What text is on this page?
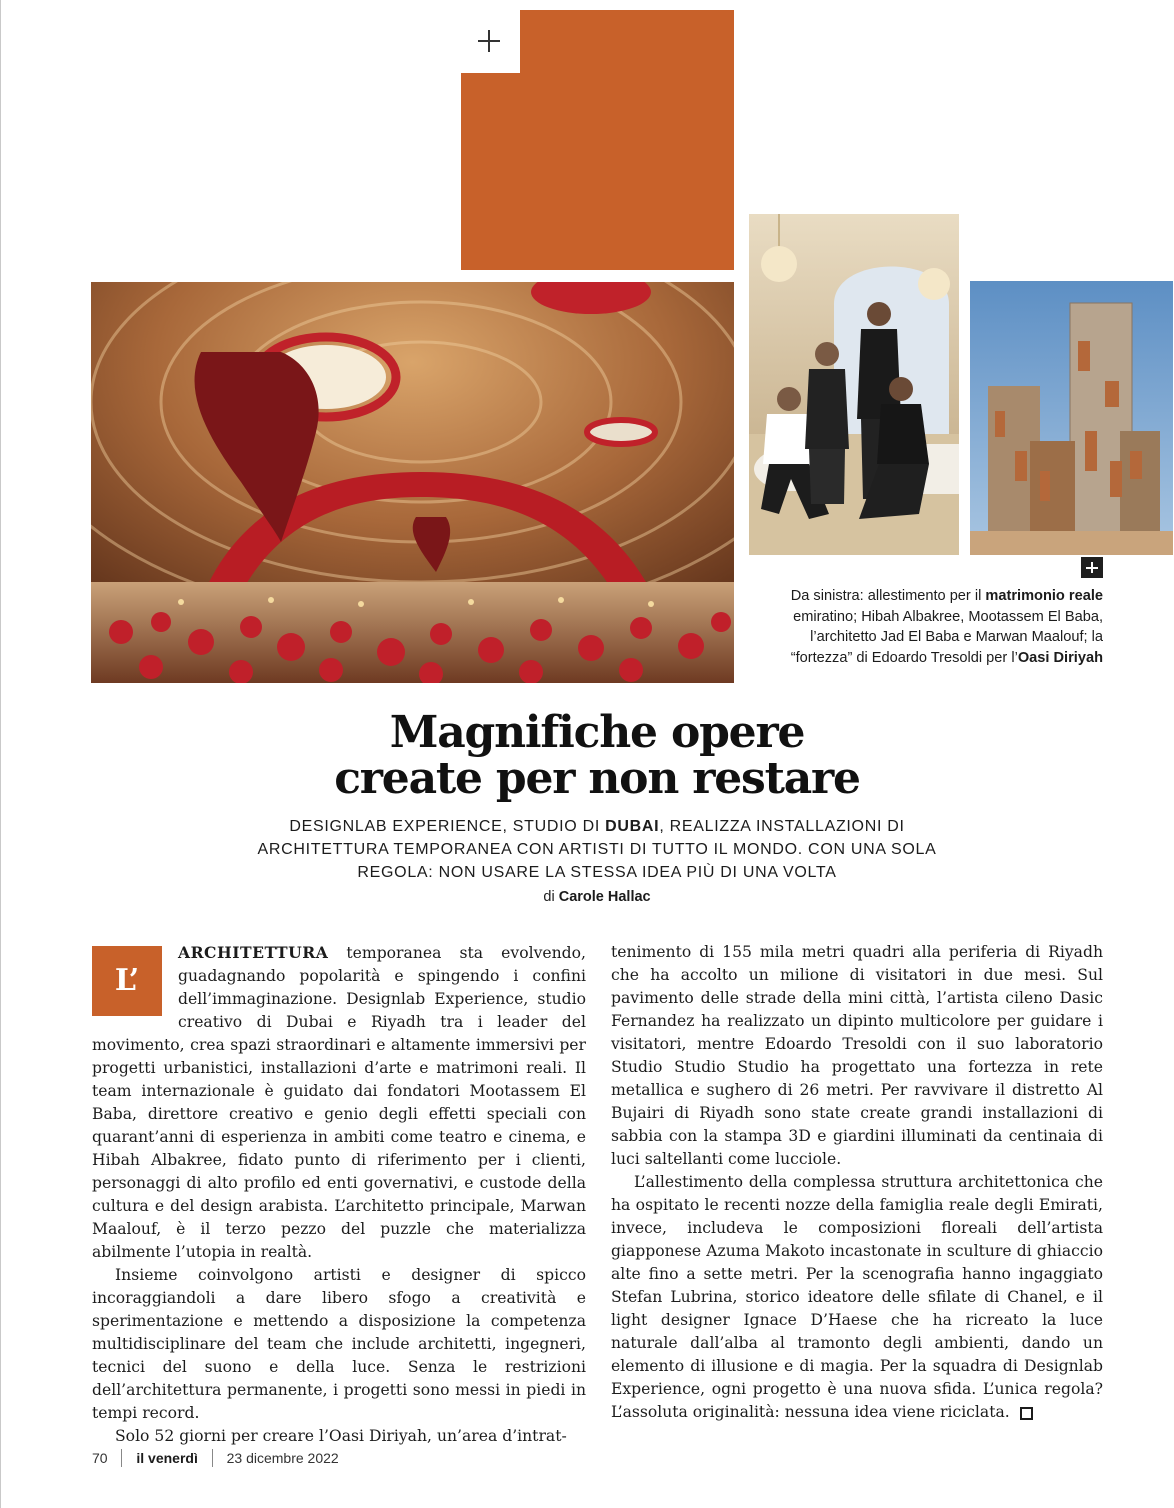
DOLCEVITA
VIAGGI
CIBO
MODA
SPORT
Da sinistra: allestimento per il matrimonio reale emiratino; Hibah Albakree, Mootassem El Baba, l’architetto Jad El Baba e Marwan Maalouf; la “fortezza” di Edoardo Tresoldi per l’Oasi Diriyah
Magnifiche opere
create per non restare
DESIGNLAB EXPERIENCE, STUDIO DI DUBAI, REALIZZA INSTALLAZIONI DI ARCHITETTURA TEMPORANEA CON ARTISTI DI TUTTO IL MONDO. CON UNA SOLA REGOLA: NON USARE LA STESSA IDEA PIÙ DI UNA VOLTA
di Carole Hallac

L’
ARCHITETTURA temporanea sta evolvendo, guadagnando popolarità e spingendo i confini dell’immaginazione. Designlab Experience, studio creativo di Dubai e Riyadh tra i leader del movimento, crea spazi straordinari e altamente immersivi per progetti urbanistici, installazioni d’arte e matrimoni reali. Il team internazionale è guidato dai fondatori Mootassem El Baba, direttore creativo e genio degli effetti speciali con quarant’anni di esperienza in ambiti come teatro e cinema, e Hibah Albakree, fidato punto di riferimento per i clienti, personaggi di alto profilo ed enti governativi, e custode della cultura e del design arabista. L’architetto principale, Marwan Maalouf, è il terzo pezzo del puzzle che materializza abilmente l’utopia in realtà.

Insieme coinvolgono artisti e designer di spicco incoraggiandoli a dare libero sfogo a creatività e sperimentazione e mettendo a disposizione la competenza multidisciplinare del team che include architetti, ingegneri, tecnici del suono e della luce. Senza le restrizioni dell’architettura permanente, i progetti sono messi in piedi in tempi record.

Solo 52 giorni per creare l’Oasi Diriyah, un’area d’intrat-

tenimento di 155 mila metri quadri alla periferia di Riyadh che ha accolto un milione di visitatori in due mesi. Sul pavimento delle strade della mini città, l’artista cileno Dasic Fernandez ha realizzato un dipinto multicolore per guidare i visitatori, mentre Edoardo Tresoldi con il suo laboratorio Studio Studio Studio ha progettato una fortezza in rete metallica e sughero di 26 metri. Per ravvivare il distretto Al Bujairi di Riyadh sono state create grandi installazioni di sabbia con la stampa 3D e giardini illuminati da centinaia di luci saltellanti come lucciole.

L’allestimento della complessa struttura architettonica che ha ospitato le recenti nozze della famiglia reale degli Emirati, invece, includeva le composizioni floreali dell’artista giapponese Azuma Makoto incastonate in sculture di ghiaccio alte fino a sette metri. Per la scenografia hanno ingaggiato Stefan Lubrina, storico ideatore delle sfilate di Chanel, e il light designer Ignace D’Haese che ha ricreato la luce naturale dall’alba al tramonto degli ambienti, dando un elemento di illusione e di magia. Per la squadra di Designlab Experience, ogni progetto è una nuova sfida. L’unica regola? L’assoluta originalità: nessuna idea viene riciclata.

70 il venerdì 23 dicembre 2022
